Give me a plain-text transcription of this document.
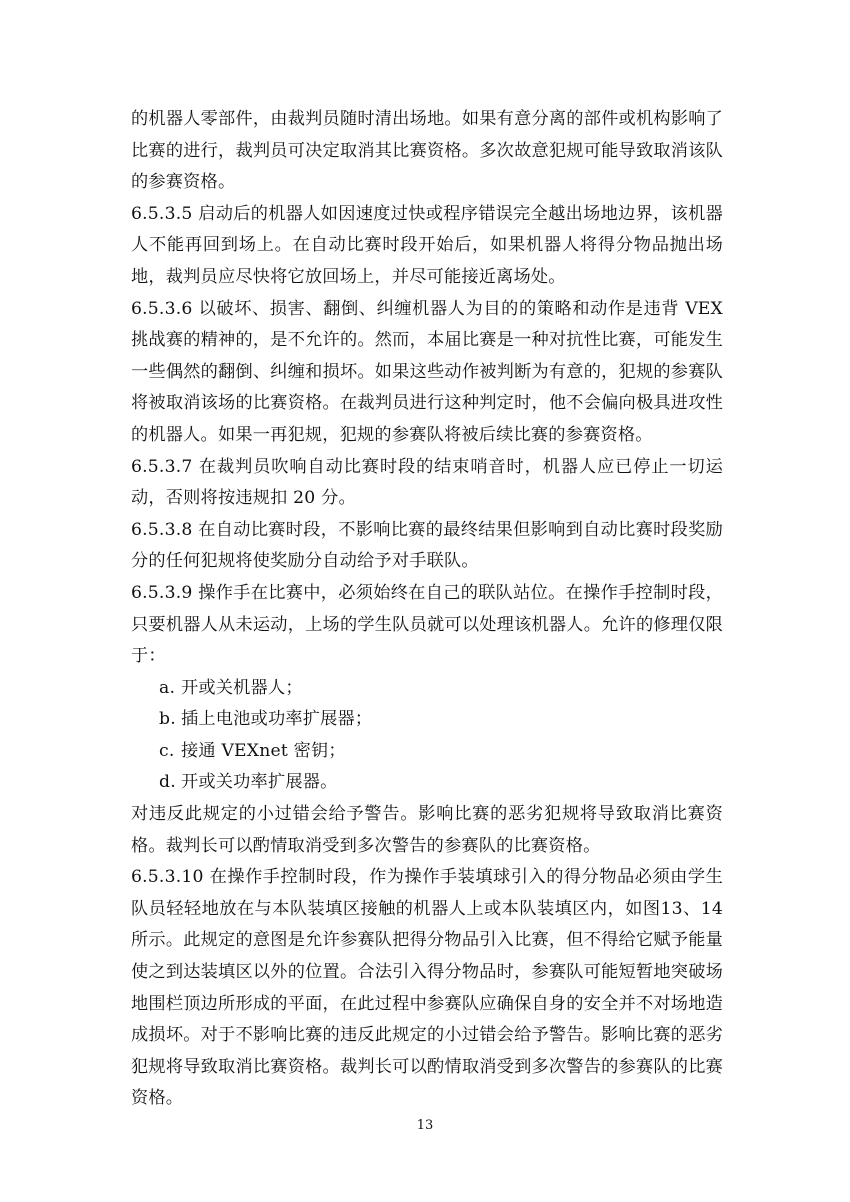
的机器人零部件，由裁判员随时清出场地。如果有意分离的部件或机构影响了比赛的进行，裁判员可决定取消其比赛资格。多次故意犯规可能导致取消该队的参赛资格。

6.5.3.5 启动后的机器人如因速度过快或程序错误完全越出场地边界，该机器人不能再回到场上。在自动比赛时段开始后，如果机器人将得分物品抛出场地，裁判员应尽快将它放回场上，并尽可能接近离场处。

6.5.3.6 以破坏、损害、翻倒、纠缠机器人为目的的策略和动作是违背 VEX 挑战赛的精神的，是不允许的。然而，本届比赛是一种对抗性比赛，可能发生一些偶然的翻倒、纠缠和损坏。如果这些动作被判断为有意的，犯规的参赛队将被取消该场的比赛资格。在裁判员进行这种判定时，他不会偏向极具进攻性的机器人。如果一再犯规，犯规的参赛队将被后续比赛的参赛资格。

6.5.3.7 在裁判员吹响自动比赛时段的结束哨音时，机器人应已停止一切运动，否则将按违规扣 20 分。

6.5.3.8 在自动比赛时段，不影响比赛的最终结果但影响到自动比赛时段奖励分的任何犯规将使奖励分自动给予对手联队。

6.5.3.9 操作手在比赛中，必须始终在自己的联队站位。在操作手控制时段，只要机器人从未运动，上场的学生队员就可以处理该机器人。允许的修理仅限于：

a. 开或关机器人；
b. 插上电池或功率扩展器；
c. 接通 VEXnet 密钥；
d. 开或关功率扩展器。

对违反此规定的小过错会给予警告。影响比赛的恶劣犯规将导致取消比赛资格。裁判长可以酌情取消受到多次警告的参赛队的比赛资格。

6.5.3.10 在操作手控制时段，作为操作手装填球引入的得分物品必须由学生队员轻轻地放在与本队装填区接触的机器人上或本队装填区内，如图13、14所示。此规定的意图是允许参赛队把得分物品引入比赛，但不得给它赋予能量使之到达装填区以外的位置。合法引入得分物品时，参赛队可能短暂地突破场地围栏顶边所形成的平面，在此过程中参赛队应确保自身的安全并不对场地造成损坏。对于不影响比赛的违反此规定的小过错会给予警告。影响比赛的恶劣犯规将导致取消比赛资格。裁判长可以酌情取消受到多次警告的参赛队的比赛资格。

13
